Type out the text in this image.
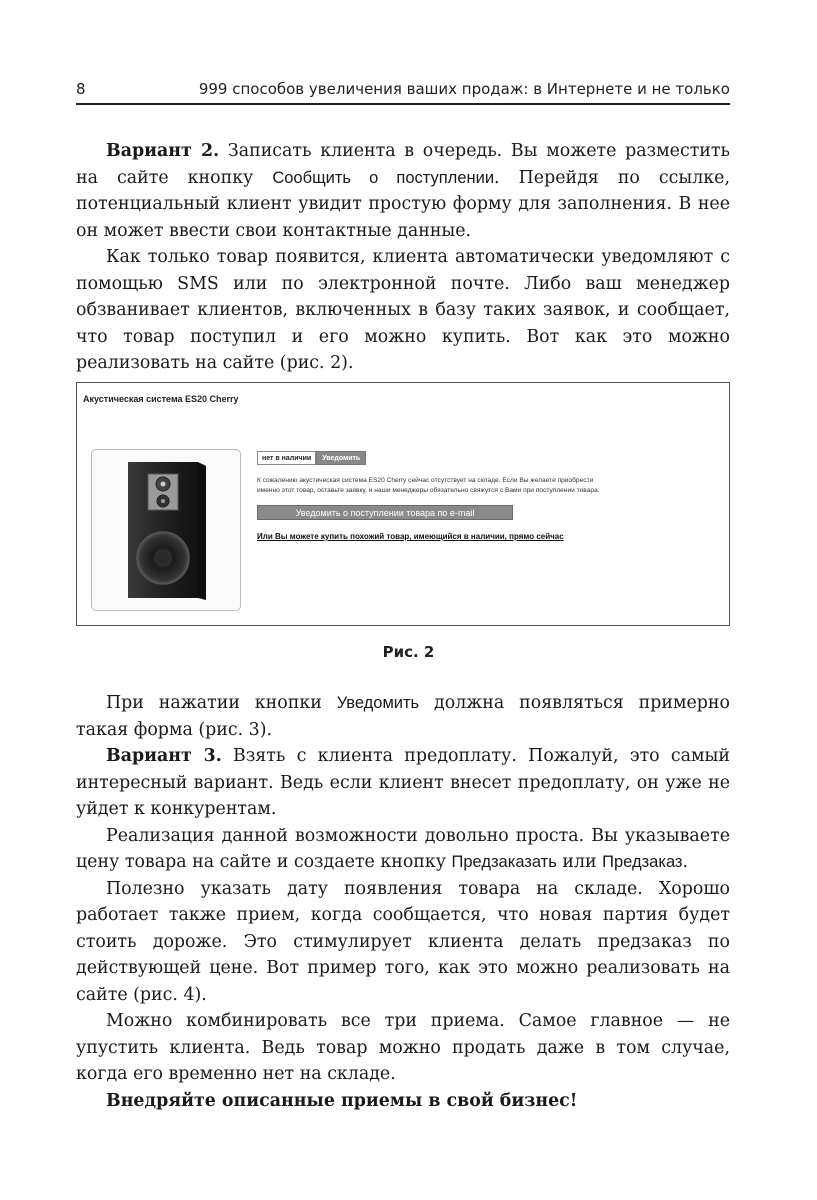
8	999 способов увеличения ваших продаж: в Интернете и не только

Вариант 2. Записать клиента в очередь. Вы можете разместить на сайте кнопку Сообщить о поступлении. Перейдя по ссылке, потенциальный клиент увидит простую форму для заполнения. В нее он может ввести свои контактные данные.

Как только товар появится, клиента автоматически уведомляют с помощью SMS или по электронной почте. Либо ваш менеджер обзванивает клиентов, включенных в базу таких заявок, и сообщает, что товар поступил и его можно купить. Вот как это можно реализовать на сайте (рис. 2).

Акустическая система ES20 Cherry
нет в наличии	Уведомить
К сожалению акустическая система ES20 Cherry сейчас отсутствует на складе. Если Вы желаете приобрести
именно этот товар, оставьте заявку, и наши менеджеры обязательно свяжутся с Вами при поступлении товара.
Уведомить о поступлении товара по e-mail
Или Вы можете купить похожий товар, имеющийся в наличии, прямо сейчас
Рис. 2

При нажатии кнопки Уведомить должна появляться примерно такая форма (рис. 3).

Вариант 3. Взять с клиента предоплату. Пожалуй, это самый интересный вариант. Ведь если клиент внесет предоплату, он уже не уйдет к конкурентам.

Реализация данной возможности довольно проста. Вы указываете цену товара на сайте и создаете кнопку Предзаказать или Предзаказ.

Полезно указать дату появления товара на складе. Хорошо работает также прием, когда сообщается, что новая партия будет стоить дороже. Это стимулирует клиента делать предзаказ по действующей цене. Вот пример того, как это можно реализовать на сайте (рис. 4).

Можно комбинировать все три приема. Самое главное — не упустить клиента. Ведь товар можно продать даже в том случае, когда его временно нет на складе.

Внедряйте описанные приемы в свой бизнес!
